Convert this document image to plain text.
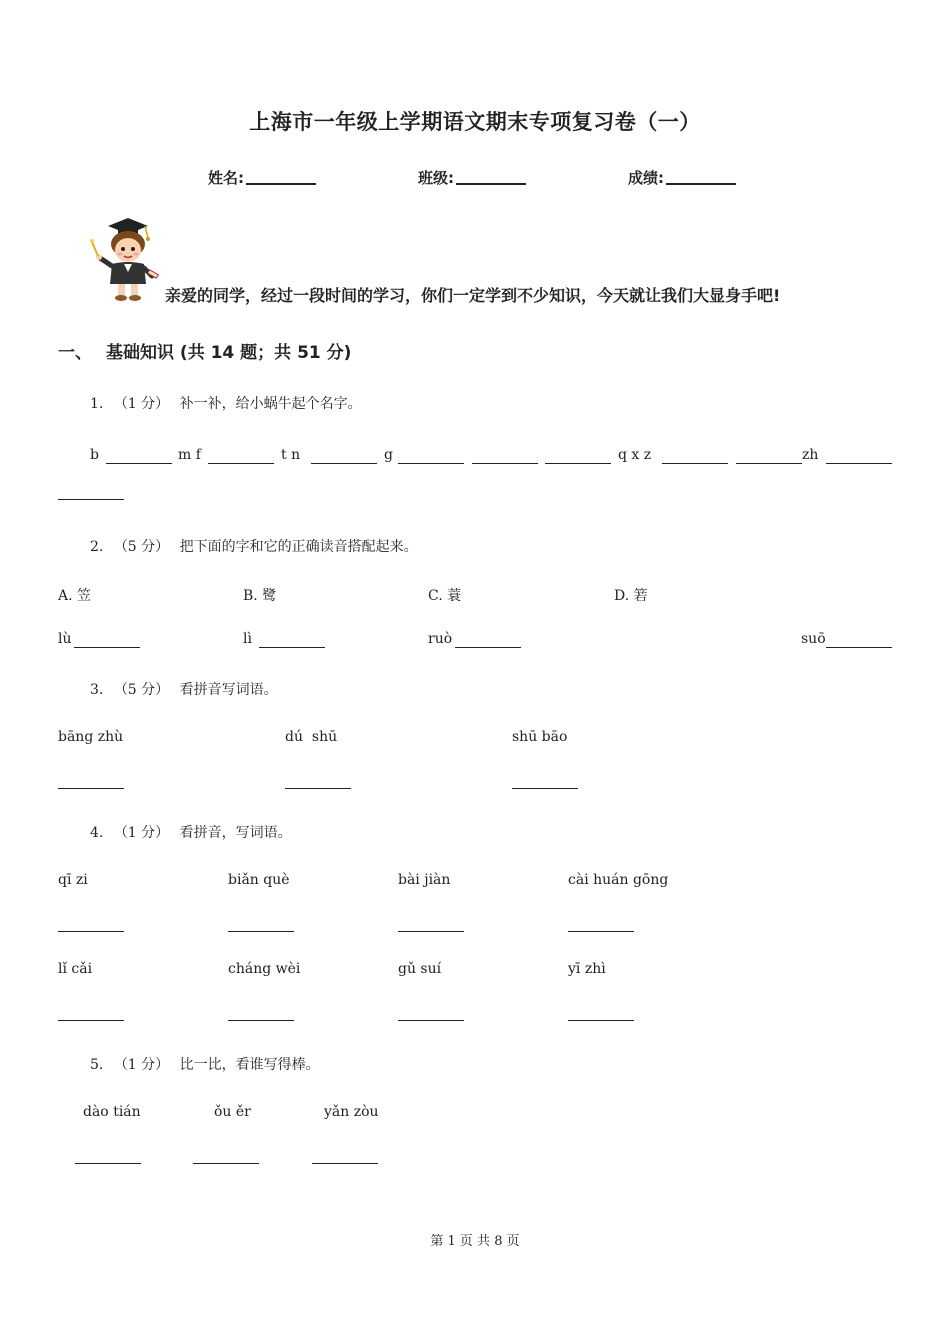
上海市一年级上学期语文期末专项复习卷（一）
姓名:	班级:	成绩:
亲爱的同学，经过一段时间的学习，你们一定学到不少知识，今天就让我们大显身手吧!
一、 基础知识 (共 14 题；共 51 分)
1. （1 分） 补一补，给小蜗牛起个名字。
b	m f	t n	g	q x z	zh
2. （5 分） 把下面的字和它的正确读音搭配起来。
A. 笠	B. 鹭	C. 蓑	D. 箬
lù	lì	ruò	suō
3. （5 分） 看拼音写词语。
bāng zhù	dú  shū	shū bāo
4. （1 分） 看拼音，写词语。
qī zi	biǎn què	bài jiàn	cài huán gōng
lǐ cǎi	cháng wèi	gǔ suí	yī zhì
5. （1 分） 比一比，看谁写得棒。
dào tián	ǒu ěr	yǎn zòu
第 1 页 共 8 页
